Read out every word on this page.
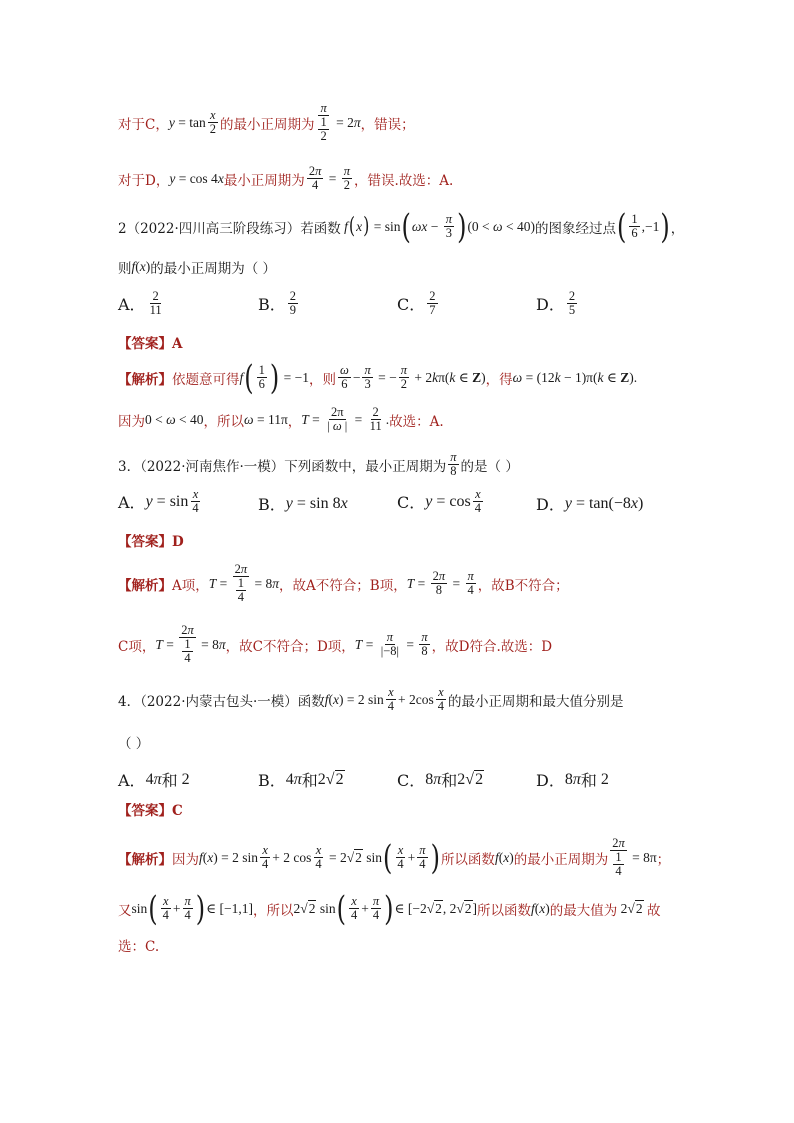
对于C， $y = \tan \frac{x}{2}$ 的最小正周期为 $\frac{\pi}{\frac{1}{2}} = 2\pi$ ，错误；
对于D， y = cos 4x 最小正周期为 $\frac{2\pi}{4} = \frac{\pi}{2}$ ，错误.故选：A.
2（2022·四川高三阶段练习）若函数 f(x) = sin ( $\omega x - \frac{\pi}{3}$ ) (0 < ω < 40) 的图象经过点 ( $\frac{1}{6} ,-1$ ) ，
则 f(x) 的最小正周期为（ ）
A． $\frac{2}{11}$	B． $\frac{2}{9}$	C． $\frac{2}{7}$	D． $\frac{2}{5}$
【答案】A
【解析】 依题意可得 f ( $\frac{1}{6}$ ) = −1 ，则 $\frac{\omega}{6} - \frac{\pi}{3}$ = − $\frac{\pi}{2} + 2k\pi(k$ ∈ Z) ，得 ω = (12k − 1)π(k ∈ Z).
因为 0 < ω < 40 ，所以 ω = 11π ， $T = \frac{2\pi}{| \omega |} = \frac{2}{11}$ . 故选：A.
3．（2022·河南焦作·一模）下列函数中，最小正周期为 $\frac{\pi}{8}$ 的是（ ）
A． $y = \sin \frac{x}{4}$	B． y = sin 8x	C． $y = \cos \frac{x}{4}$	D． y = tan(−8x)
【答案】D
【解析】 A项， $T = \frac{2\pi}{\frac{1}{4}} = 8\pi$ ，故A不符合；B项， $T = \frac{2\pi}{8} = \frac{\pi}{4}$ ，故B不符合；
C项， $T = \frac{2\pi}{\frac{1}{4}} = 8\pi$ ，故C不符合；D项， $T = \frac{\pi}{|-8|} = \frac{\pi}{8}$ ，故D符合.故选：D
4．（2022·内蒙古包头·一模）函数 f(x) = 2 $\sin \frac{x}{4} + 2\cos \frac{x}{4}$ 的最小正周期和最大值分别是
（ ）
A． 4π 和 2	B． 4π 和 2√2	C． 8π 和 2√2	D． 8π 和 2
【答案】C
【解析】 因为 f(x) = 2 $\sin \frac{x}{4} + 2$ $\cos \frac{x}{4} = 2√2$ sin ( $\frac{x}{4} + \frac{\pi}{4}$ ) 所以函数 f(x) 的最小正周期为 $\frac{2\pi}{\frac{1}{4}} = 8\pi$ ；
又 sin ( $\frac{x}{4} + \frac{\pi}{4}$ ) ∈ [−1,1] ，所以 2√2 sin ( $\frac{x}{4} + \frac{\pi}{4}$ ) ∈ [−2√2, 2√2] 所以函数 f(x) 的最大值为 2√2 故
选：C.
